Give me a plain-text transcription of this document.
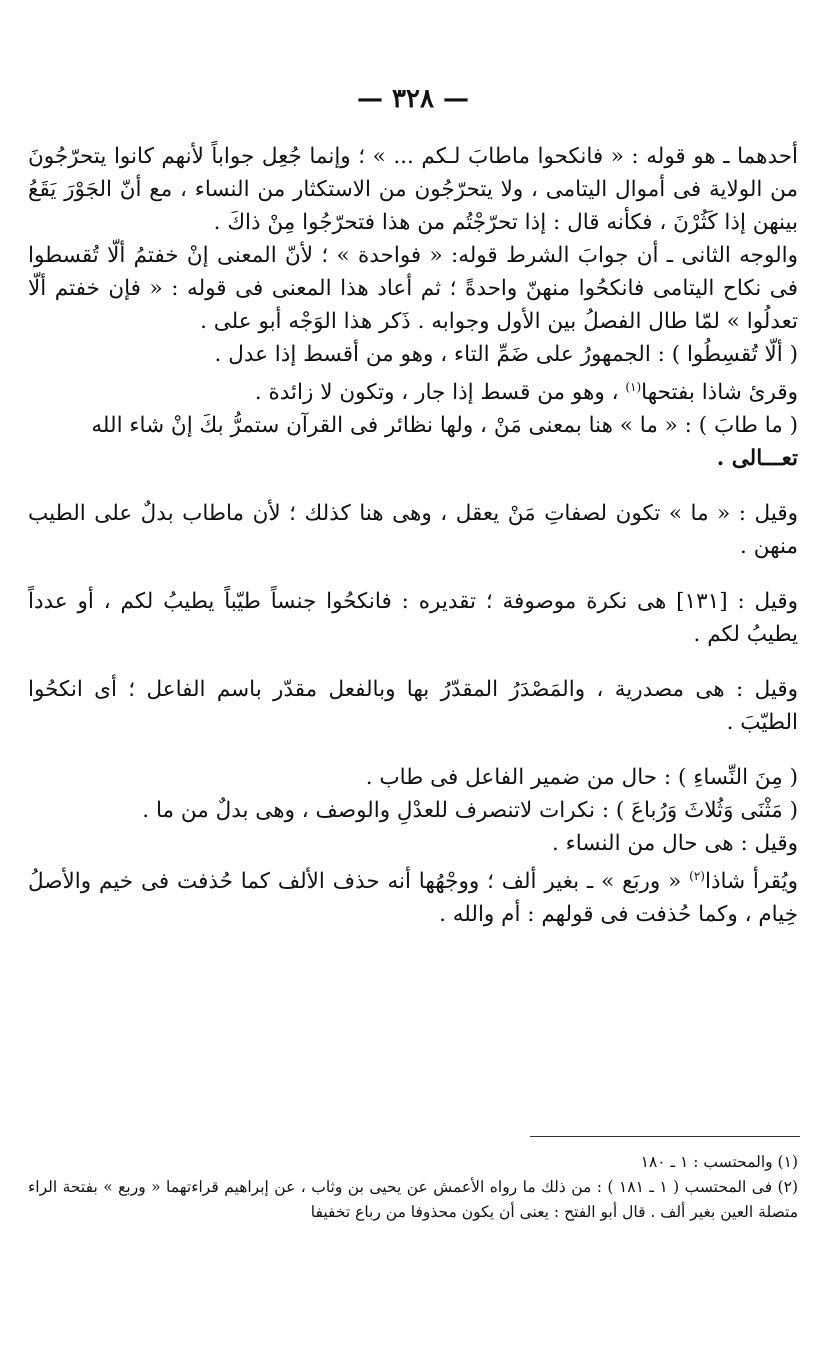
— ٣٢٨ —

أحدهما ـ هو قوله : « فانكحوا ماطابَ لـكم ... » ؛ وإنما جُعِل جواباً لأنهم كانوا يتحرّجُونَ من الولاية فى أموال اليتامى ، ولا يتحرّجُون من الاستكثار من النساء ، مع أنّ الجَوْرَ يَقَعُ بينهن إذا كَثُرْنَ ، فكأنه قال : إذا تحرّجْتُم من هذا فتحرّجُوا مِنْ ذاكَ .

والوجه الثانى ـ أن جوابَ الشرط قوله: « فواحدة » ؛ لأنّ المعنى إنْ خفتمُ ألّا تُقسطوا فى نكاح اليتامى فانكحُوا منهنّ واحدةً ؛ ثم أعاد هذا المعنى فى قوله : « فإن خفتم ألّا تعدلُوا » لمّا طال الفصلُ بين الأول وجوابه . ذَكر هذا الوَجْه أبو على .

( ألّا تُقسِطُوا ) : الجمهورُ على ضَمِّ التاء ، وهو من أقسط إذا عدل .

وقرئ شاذا بفتحها$^{(١)}$ ، وهو من قسط إذا جار ، وتكون لا زائدة .

( ما طابَ ) : « ما » هنا بمعنى مَنْ ، ولها نظائر فى القرآن ستمرُّ بكَ إنْ شاء الله
تعـــالى .

وقيل : « ما » تكون لصفاتِ مَنْ يعقل ، وهى هنا كذلك ؛ لأن ماطاب بدلٌ على الطيب منهن .

وقيل : [١٣١] هى نكرة موصوفة ؛ تقديره : فانكحُوا جنساً طيّباً يطيبُ لكم ، أو عدداً يطيبُ لكم .

وقيل : هى مصدرية ، والمَصْدَرُ المقدّرُ بها وبالفعل مقدّر باسم الفاعل ؛ أى انكحُوا الطيّبَ .

( مِنَ النِّساءِ ) : حال من ضمير الفاعل فى طاب .

( مَثْنَى وَثُلاثَ وَرُباعَ ) : نكرات لاتنصرف للعدْلِ والوصف ، وهى بدلٌ من ما .

وقيل : هى حال من النساء .

ويُقرأ شاذا$^{(٢)}$ « وربَع » ـ بغير ألف ؛ ووجْهُها أنه حذف الألف كما حُذفت فى خيم والأصلُ خِيام ، وكما حُذفت فى قولهم : أم والله .

(١) والمحتسب : ١ ـ ١٨٠

(٢) فى المحتسب ( ١ ـ ١٨١ ) : من ذلك ما رواه الأعمش عن يحيى بن وثاب ، عن إبراهيم قراءتهما « وربع » بفتحة الراء متصلة العين بغير ألف . قال أبو الفتح : يعنى أن يكون محذوفا من رباع تخفيفا
